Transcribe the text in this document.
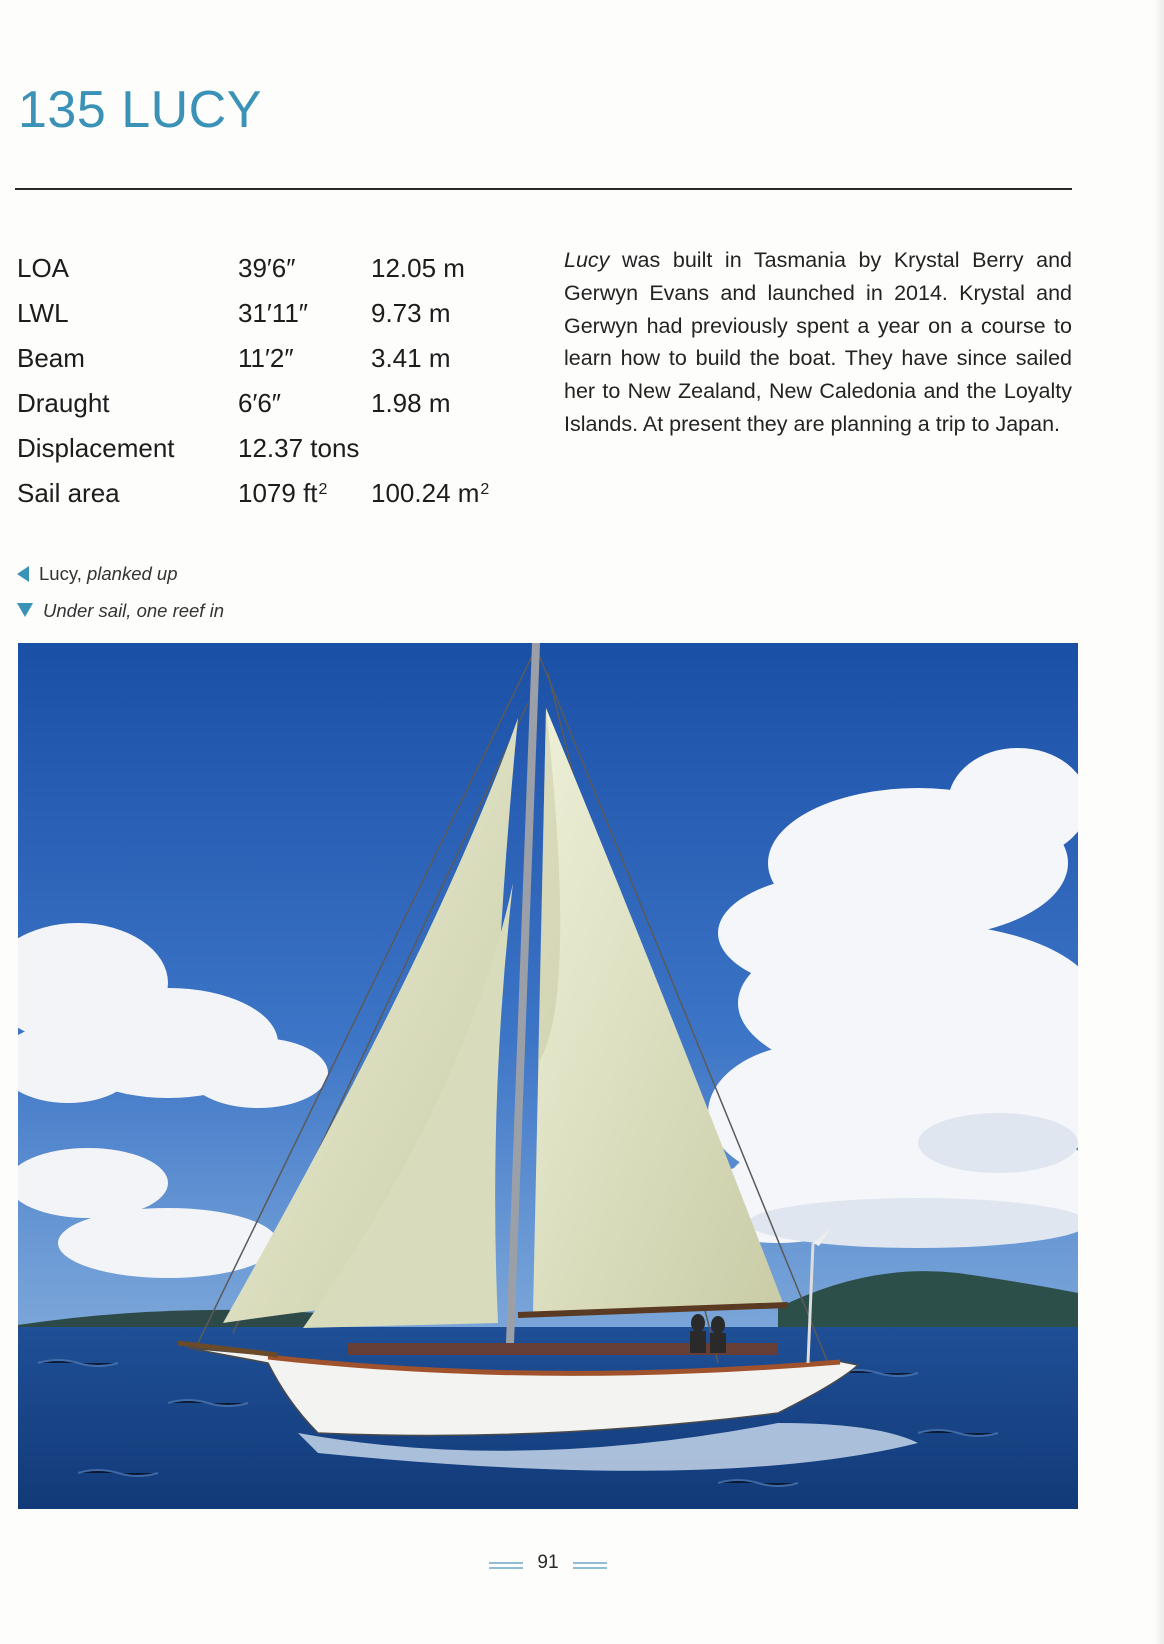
135 LUCY
LOA	39′6″	12.05 m
LWL	31′11″ 9.73 m
Beam	11′2″	3.41 m
Draught	6′6″	1.98 m
Displacement 12.37 tons
Sail area	1079 $ft^2$ 100.24 $m^2$

Lucy was built in Tasmania by Krystal Berry and Gerwyn Evans and launched in 2014. Krystal and Gerwyn had previously spent a year on a course to learn how to build the boat. They have since sailed her to New Zealand, New Caledonia and the Loyalty Islands. At present they are planning a trip to Japan.

Lucy, planked up
Under sail, one reef in
91
